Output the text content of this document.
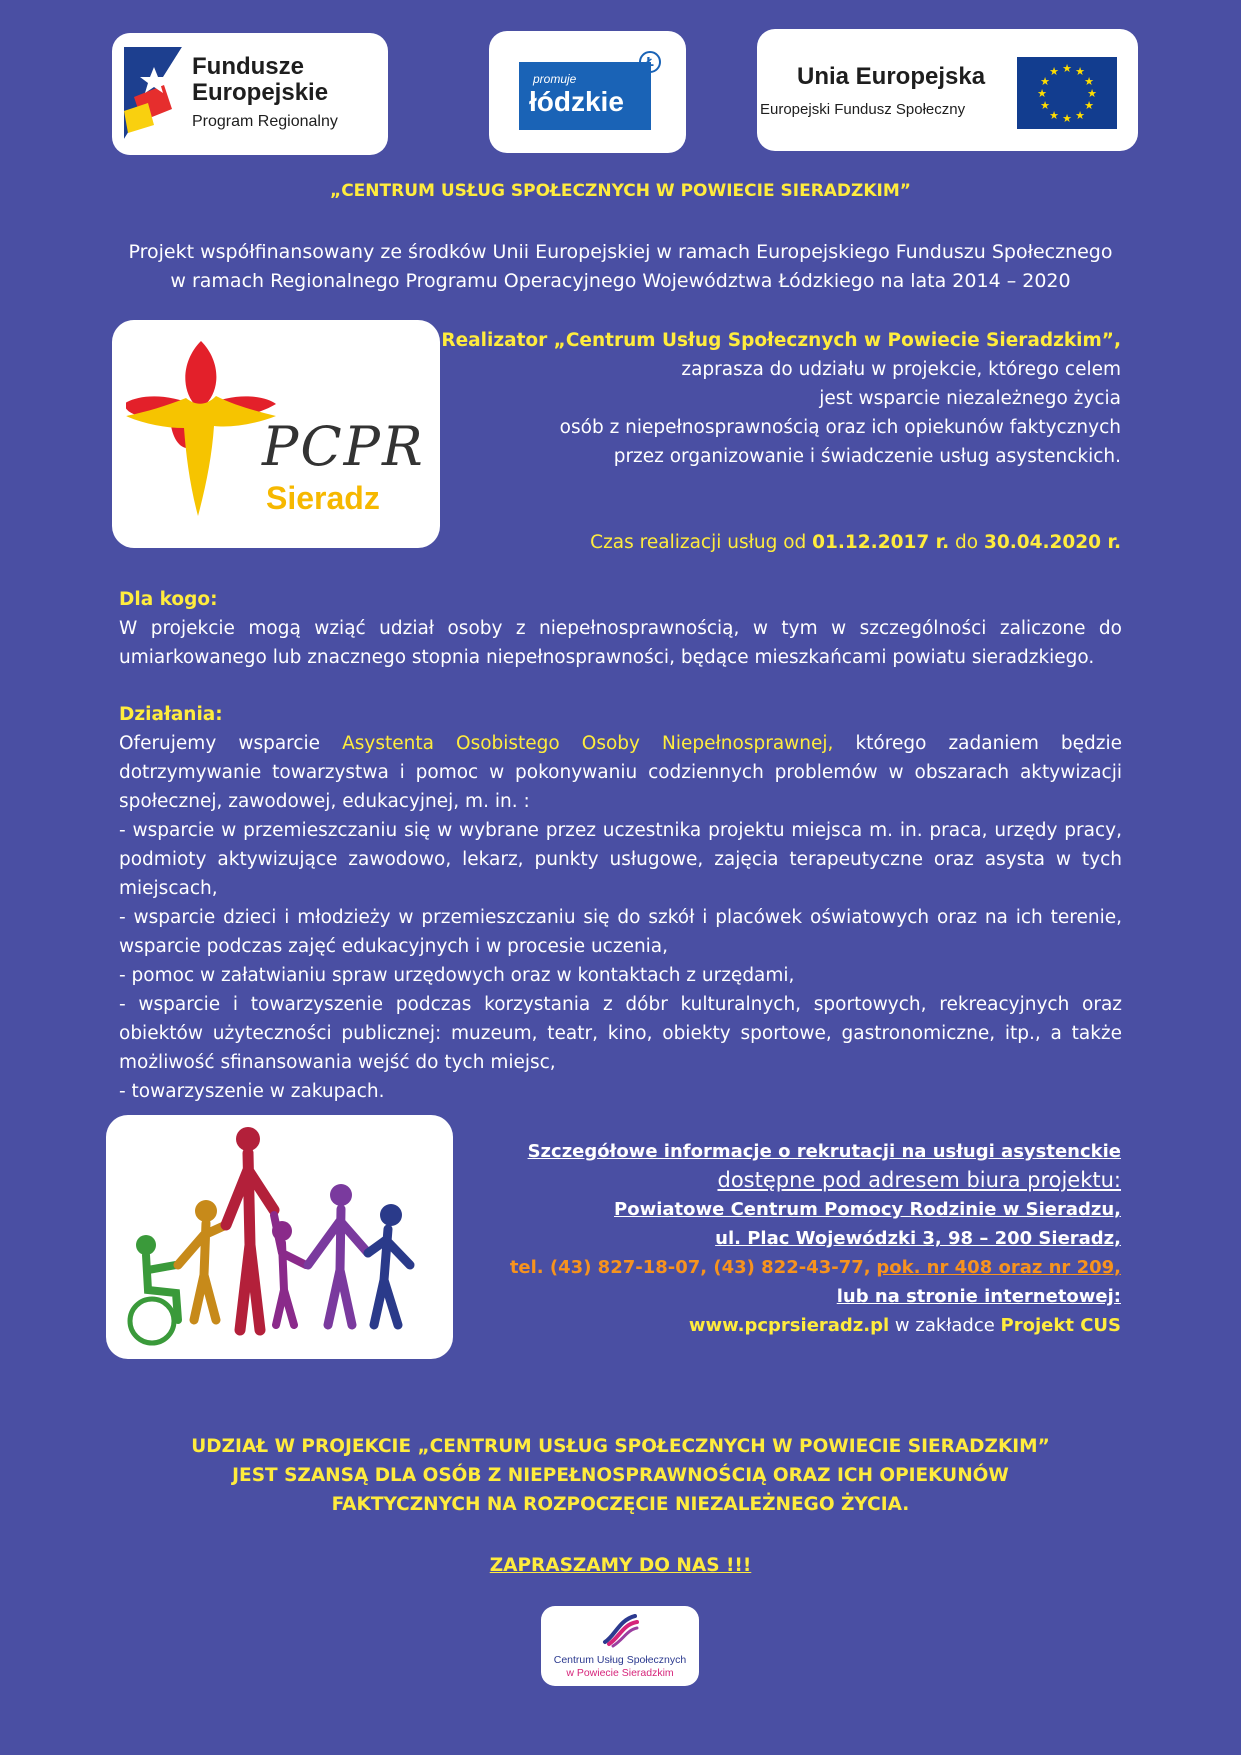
Fundusze
Europejskie
Program Regionalny
promuje
łódzkie
Ł
Unia Europejska
Europejski Fundusz Społeczny
★ ★
★
★
★
★
★
★
★
★
★
★
„CENTRUM USŁUG SPOŁECZNYCH W POWIECIE SIERADZKIM”
Projekt współfinansowany ze środków Unii Europejskiej w ramach Europejskiego Funduszu Społecznego
w ramach Regionalnego Programu Operacyjnego Województwa Łódzkiego na lata 2014 – 2020
PCPR
Sieradz
Realizator „Centrum Usług Społecznych w Powiecie Sieradzkim”,
zaprasza do udziału w projekcie, którego celem
jest wsparcie niezależnego życia
osób z niepełnosprawnością oraz ich opiekunów faktycznych
przez organizowanie i świadczenie usług asystenckich.
Czas realizacji usług od 01.12.2017 r. do 30.04.2020 r.
Dla kogo:

W projekcie mogą wziąć udział osoby z niepełnosprawnością, w tym w szczególności zaliczone do umiarkowanego lub znacznego stopnia niepełnosprawności, będące mieszkańcami powiatu sieradzkiego.

Działania:

Oferujemy wsparcie Asystenta Osobistego Osoby Niepełnosprawnej, którego zadaniem będzie dotrzymywanie towarzystwa i pomoc w pokonywaniu codziennych problemów w obszarach aktywizacji społecznej, zawodowej, edukacyjnej, m. in. :

- wsparcie w przemieszczaniu się w wybrane przez uczestnika projektu miejsca m. in. praca, urzędy pracy, podmioty aktywizujące zawodowo, lekarz, punkty usługowe, zajęcia terapeutyczne oraz asysta w tych miejscach,

- wsparcie dzieci i młodzieży w przemieszczaniu się do szkół i placówek oświatowych oraz na ich terenie, wsparcie podczas zajęć edukacyjnych i w procesie uczenia,

- pomoc w załatwianiu spraw urzędowych oraz w kontaktach z urzędami,

- wsparcie i towarzyszenie podczas korzystania z dóbr kulturalnych, sportowych, rekreacyjnych oraz obiektów użyteczności publicznej: muzeum, teatr, kino, obiekty sportowe, gastronomiczne, itp., a także możliwość sfinansowania wejść do tych miejsc,

- towarzyszenie w zakupach.

Szczegółowe informacje o rekrutacji na usługi asystenckie
dostępne pod adresem biura projektu:
Powiatowe Centrum Pomocy Rodzinie w Sieradzu,
ul. Plac Wojewódzki 3, 98 – 200 Sieradz,
tel. (43) 827-18-07, (43) 822-43-77, pok. nr 408 oraz nr 209,
lub na stronie internetowej:
www.pcprsieradz.pl w zakładce Projekt CUS
UDZIAŁ W PROJEKCIE „CENTRUM USŁUG SPOŁECZNYCH W POWIECIE SIERADZKIM”
JEST SZANSĄ DLA OSÓB Z NIEPEŁNOSPRAWNOŚCIĄ ORAZ ICH OPIEKUNÓW
FAKTYCZNYCH NA ROZPOCZĘCIE NIEZALEŻNEGO ŻYCIA.
ZAPRASZAMY DO NAS !!!
Centrum Usług Społecznych
w Powiecie Sieradzkim
